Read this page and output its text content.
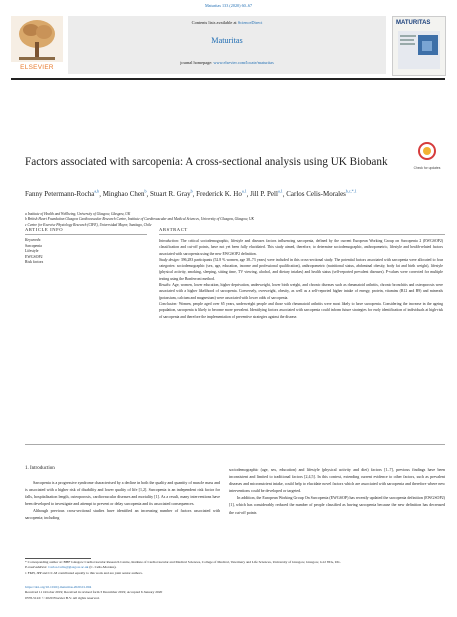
Maturitas 133 (2020) 60–67
Contents lists available at ScienceDirect
Maturitas
journal homepage: www.elsevier.com/locate/maturitas
ELSEVIER
MATURITAS
Factors associated with sarcopenia: A cross-sectional analysis using UK Biobank	Check for updates
Fanny Petermann-Rocha$^{a,b}$, Minghao Chen$^b$, Stuart R. Gray$^b$, Frederick K. Ho$^{a,1}$, Jill P. Pell$^{a,1}$, Carlos Celis-Morales$^{b,c,*,1}$
a Institute of Health and Wellbeing, University of Glasgow, Glasgow, UK
b British Heart Foundation Glasgow Cardiovascular Research Centre, Institute of Cardiovascular and Medical Sciences, University of Glasgow, Glasgow, UK
c Centre for Exercise Physiology Research (CIFE), Universidad Mayor, Santiago, Chile
ARTICLE INFO	ABSTRACT
Keywords:
Sarcopenia
Lifestyle
EWGSOP2
Risk factors

Introduction: The critical sociodemographic, lifestyle and diseases factors influencing sarcopenia, defined by the current European Working Group on Sarcopenia 2 (EWGSOP2) classification and cut-off points, have not yet been fully elucidated. This study aimed, therefore, to determine sociodemographic, anthropometric, lifestyle and health-related factors associated with sarcopenia using the new EWGSOP2 definition.

Study design: 396,283 participants (52.8 % women, age 38–73 years) were included in this cross-sectional study. The potential factors associated with sarcopenia were allocated to four categories: sociodemographic (sex, age, education, income and professional qualification), anthropometric (nutritional status, abdominal obesity, body fat and birth weight), lifestyle (physical activity, smoking, sleeping, sitting time, TV viewing, alcohol, and dietary intakes) and health status (self-reported prevalent diseases). P-values were corrected for multiple testing using the Bonferroni method.

Results: Age, women, lower education, higher deprivation, underweight, lower birth weight, and chronic diseases such as rheumatoid arthritis, chronic bronchitis and osteoporosis were associated with a higher likelihood of sarcopenia. Conversely, overweight, obesity, as well as a self-reported higher intake of energy, protein, vitamins (B12 and B9) and minerals (potassium, calcium and magnesium) were associated with lower odds of sarcopenia.

Conclusion: Women, people aged over 65 years, underweight people and those with rheumatoid arthritis were most likely to have sarcopenia. Considering the increase in the ageing population, sarcopenia is likely to become more prevalent. Identifying factors associated with sarcopenia could inform future strategies for early identification of individuals at high-risk of sarcopenia and therefore the implementation of preventive strategies against the disease.

1. Introduction

Sarcopenia is a progressive syndrome characterised by a decline in both the quality and quantity of muscle mass and is associated with a higher risk of disability and lower quality of life [1,2]. Sarcopenia is an independent risk factor for falls, hospitalisation length, osteoporosis, cardiovascular diseases and mortality [1]. As a result, many interventions have been developed to investigate and attempt to prevent or delay sarcopenia and its associated consequences.

Although previous cross-sectional studies have identified an increasing number of factors associated with sarcopenia; including

sociodemographic (age, sex, education) and lifestyle (physical activity and diet) factors [1–7], previous findings have been inconsistent and limited to traditional factors [2,4,5]. In this context, extending current evidence to other factors, such as prevalent diseases and micronutrient intake, could help to elucidate novel factors which are associated with sarcopenia and therefore where new interventions could be developed or targeted.

In addition, the European Working Group On Sarcopenia (EWGSOP) has recently updated the sarcopenia definition (EWGSOP2) [1], which has considerably reduced the number of people classified as having sarcopenia because the new definition has decreased the cut-off points

* Corresponding author at: BHF Glasgow Cardiovascular Research Centre, Institute of Cardiovascular and Medical Sciences, College of Medical, Veterinary and Life Sciences, University of Glasgow, Glasgow, G12 8TA, UK.
E-mail address: Carlos.Celis@glasgow.ac.uk (C. Celis-Morales).
1 FKH, JPP and CC-M contributed equally to this work and are joint senior authors.
https://doi.org/10.1016/j.maturitas.2020.01.004
Received 11 October 2019; Received in revised form 3 December 2019; Accepted 6 January 2020
0378-5122/ © 2020 Elsevier B.V. All rights reserved.
